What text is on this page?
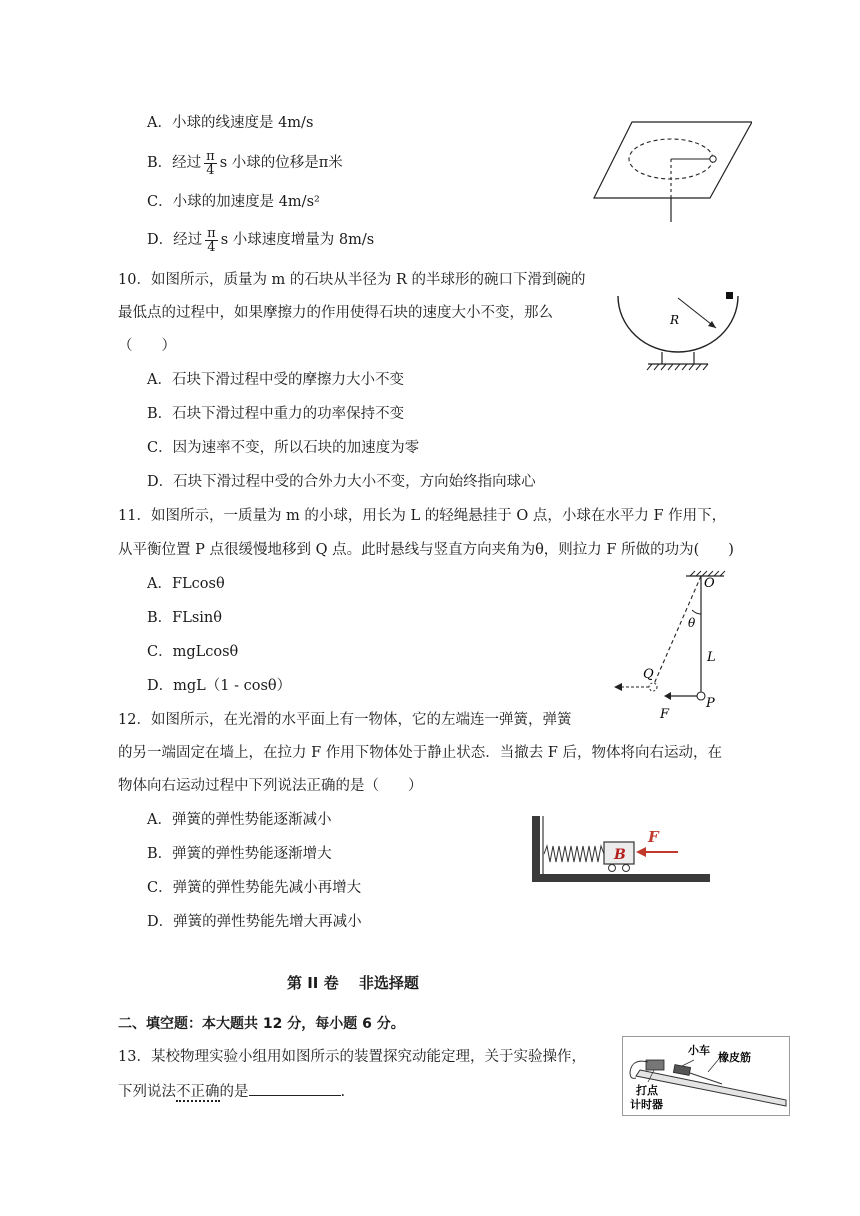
A．小球的线速度是 4m/s
B．经过 $\frac{\pi}{4}$ s 小球的位移是π米
C．小球的加速度是 4m/s²
D．经过 $\frac{\pi}{4}$ s 小球速度增量为 8m/s
10．如图所示，质量为 m 的石块从半径为 R 的半球形的碗口下滑到碗的
最低点的过程中，如果摩擦力的作用使得石块的速度大小不变，那么
（　　）
A．石块下滑过程中受的摩擦力大小不变
B．石块下滑过程中重力的功率保持不变
C．因为速率不变，所以石块的加速度为零
D．石块下滑过程中受的合外力大小不变，方向始终指向球心
R
11．如图所示，一质量为 m 的小球，用长为 L 的轻绳悬挂于 O 点，小球在水平力 F 作用下，
从平衡位置 P 点很缓慢地移到 Q 点。此时悬线与竖直方向夹角为θ，则拉力 F 所做的功为(　　)
A．FLcosθ
B．FLsinθ
C．mgLcosθ
D．mgL（1 - cosθ）
O
θ
L
Q
P
F
12．如图所示，在光滑的水平面上有一物体，它的左端连一弹簧，弹簧
的另一端固定在墙上，在拉力 F 作用下物体处于静止状态．当撤去 F 后，物体将向右运动，在
物体向右运动过程中下列说法正确的是（　　）
A．弹簧的弹性势能逐渐减小
B．弹簧的弹性势能逐渐增大
C．弹簧的弹性势能先减小再增大
D．弹簧的弹性势能先增大再减小
B
F
第 II 卷　 非选择题
二、填空题：本大题共 12 分，每小题 6 分。
13．某校物理实验小组用如图所示的装置探究动能定理，关于实验操作，
下列说法不正确的是	.
小车
橡皮筋
打点
计时器
